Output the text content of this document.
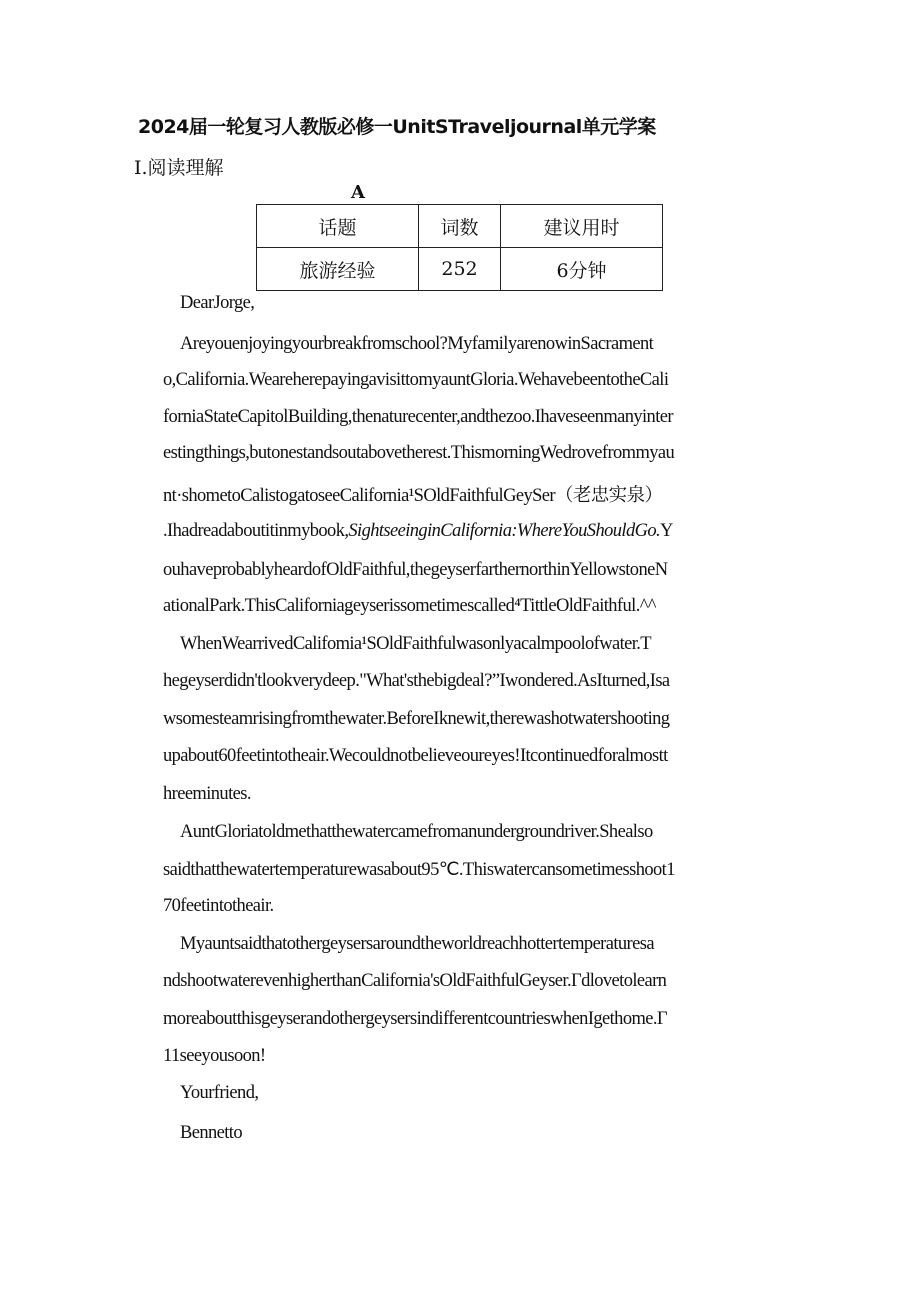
2024届一轮复习人教版必修一UnitSTraveljournal单元学案
I.阅读理解
A
话题	词数	建议用时
旅游经验	252	6分钟
DearJorge,
Areyouenjoyingyourbreakfromschool?MyfamilyarenowinSacrament
o,California.WeareherepayingavisittomyauntGloria.WehavebeentotheCali
forniaStateCapitolBuilding,thenaturecenter,andthezoo.Ihaveseenmanyinter
estingthings,butonestandsoutabovetherest.ThismorningWedrovefrommyau
nt·shometoCalistogatoseeCalifornia¹SOldFaithfulGeySer（老忠实泉）
.Ihadreadaboutitinmybook,SightseeinginCalifornia:WhereYouShouldGo.Y
ouhaveprobablyheardofOldFaithful,thegeyserfarthernorthinYellowstoneN
ationalPark.ThisCaliforniageyserissometimescalled⁴TittleOldFaithful.^^
WhenWearrivedCalifomia¹SOldFaithfulwasonlyacalmpoolofwater.T
hegeyserdidn'tlookverydeep."What'sthebigdeal?”Iwondered.AsIturned,Isa
wsomesteamrisingfromthewater.BeforeIknewit,therewashotwatershooting
upabout60feetintotheair.Wecouldnotbelieveoureyes!Itcontinuedforalmostt
hreeminutes.
AuntGloriatoldmethatthewatercamefromanundergroundriver.Shealso
saidthatthewatertemperaturewasabout95℃.Thiswatercansometimesshoot1
70feetintotheair.
Myauntsaidthatothergeysersaroundtheworldreachhottertemperaturesa
ndshootwaterevenhigherthanCalifornia'sOldFaithfulGeyser.Гdlovetolearn
moreaboutthisgeyserandothergeysersindifferentcountrieswhenIgethome.Г
11seeyousoon!
Yourfriend,
Bennetto
